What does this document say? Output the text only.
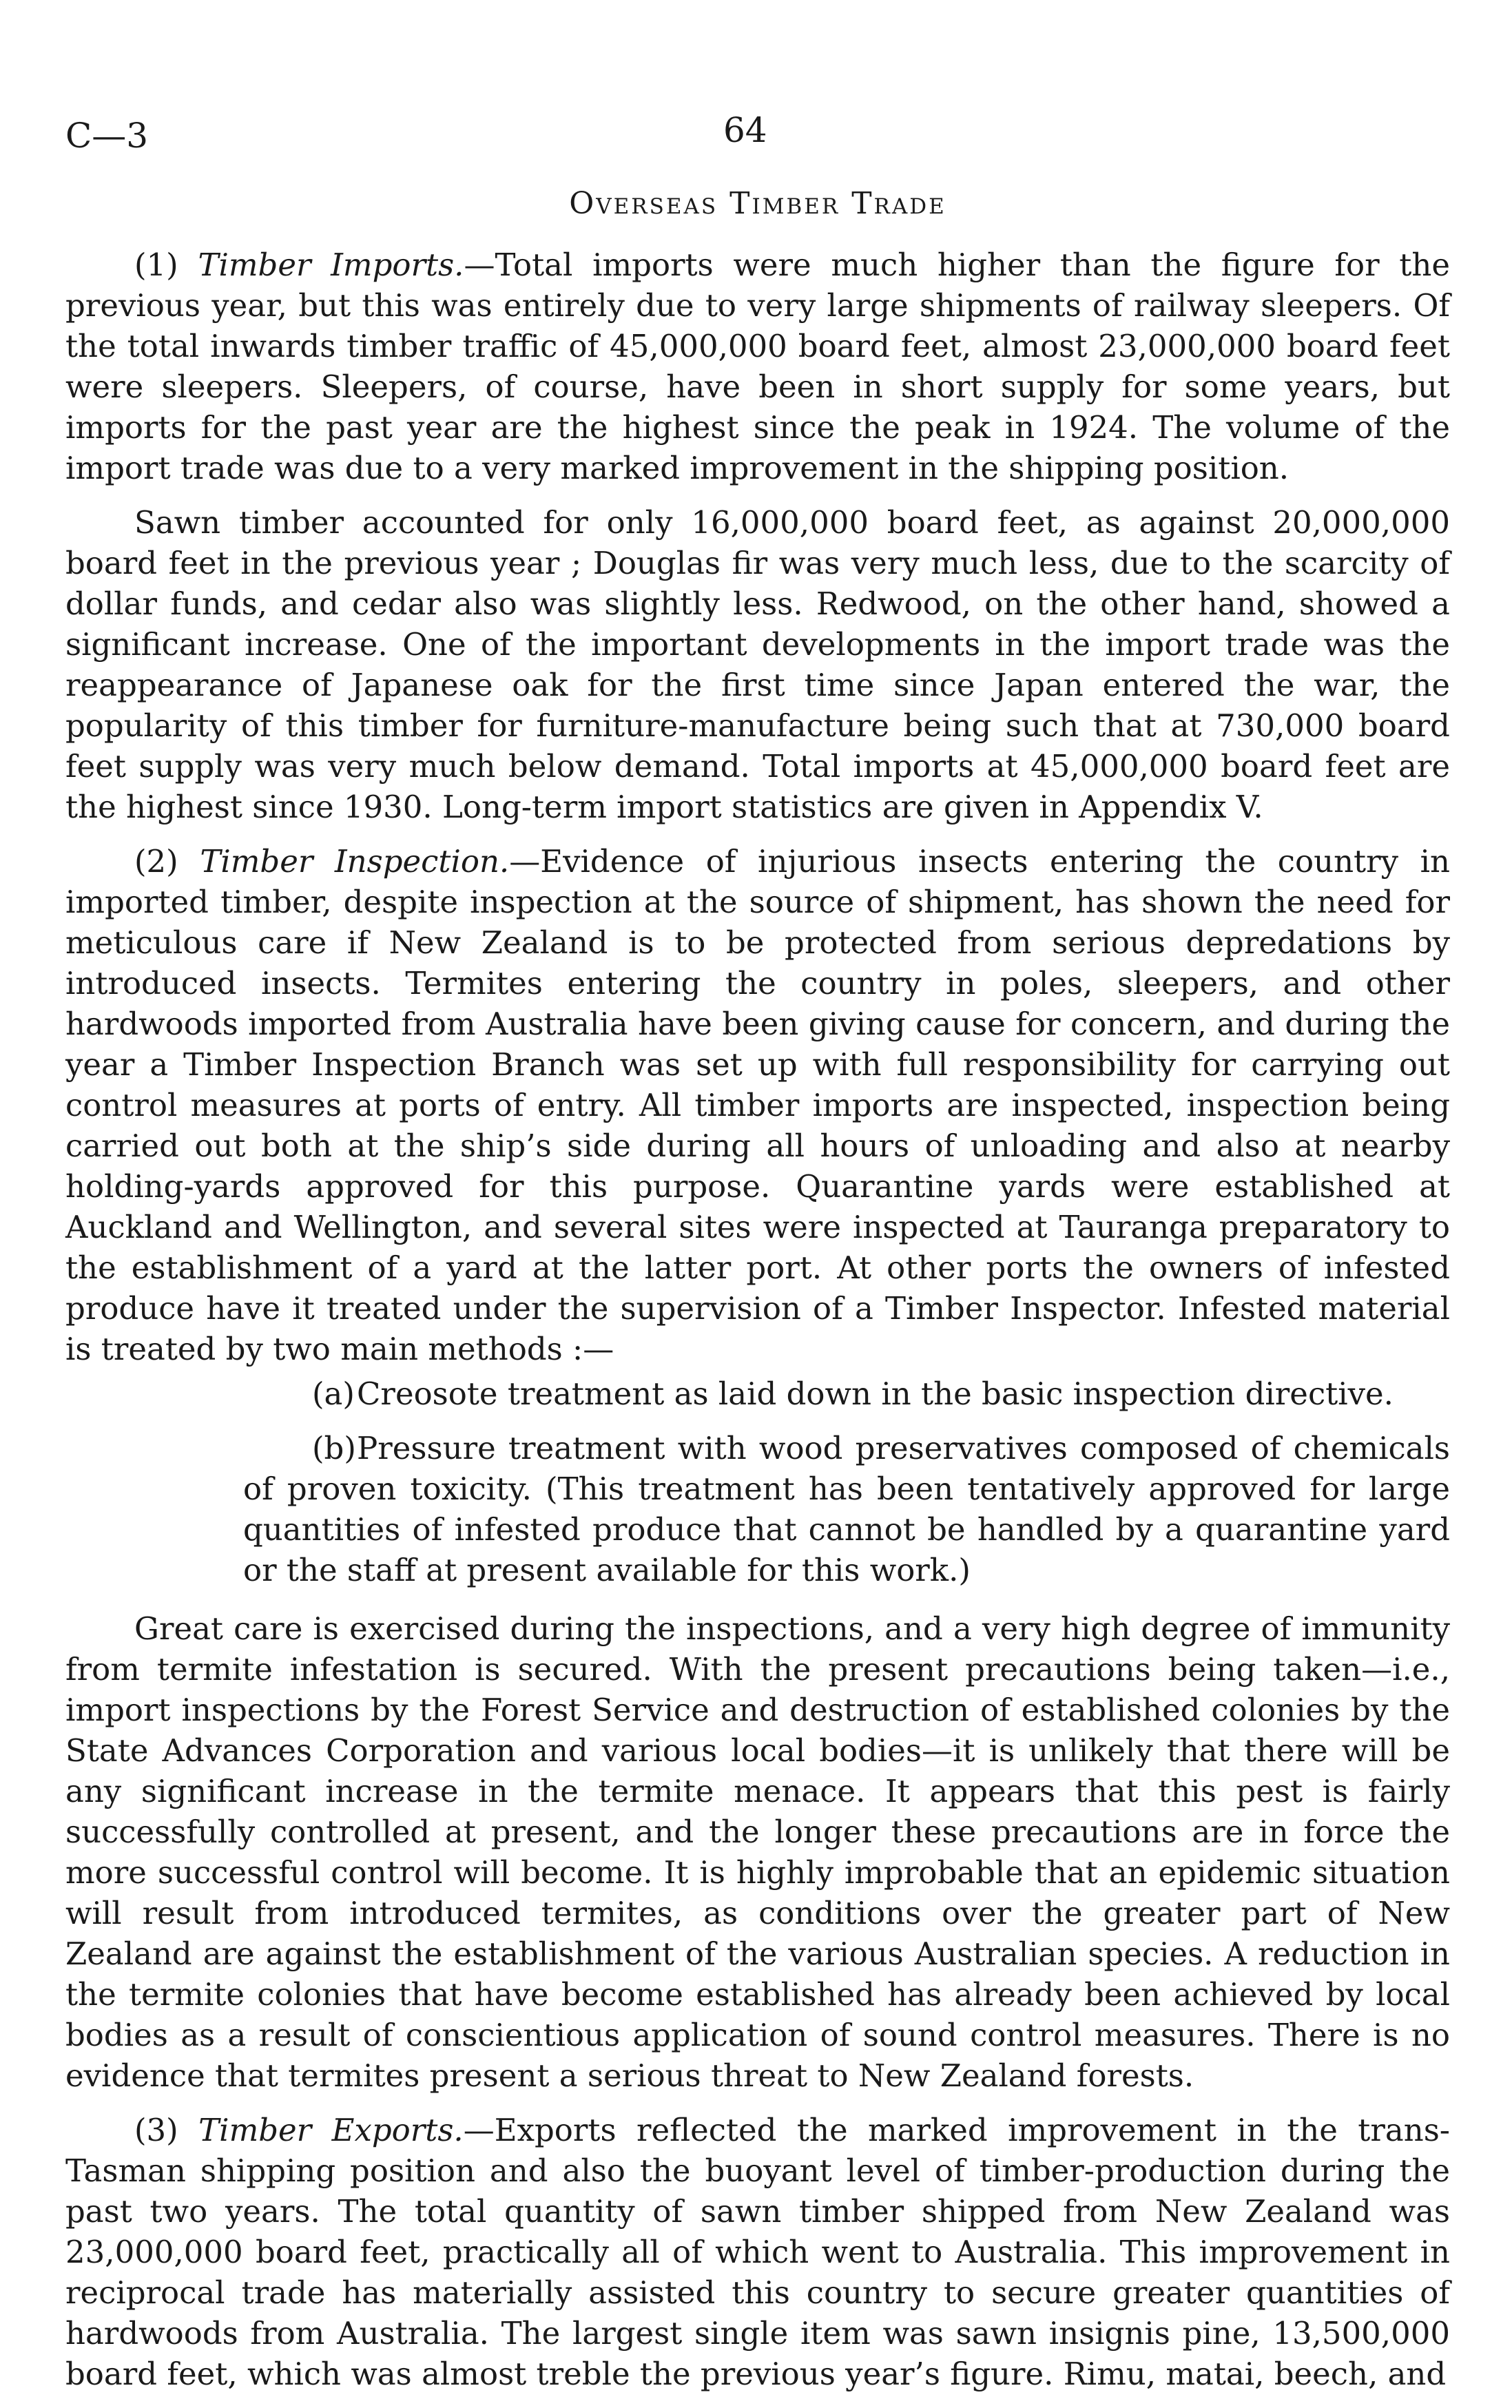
C—3	64
Overseas Timber Trade

(1) Timber Imports.—Total imports were much higher than the figure for the previous year, but this was entirely due to very large shipments of railway sleepers. Of the total inwards timber traffic of 45,000,000 board feet, almost 23,000,000 board feet were sleepers. Sleepers, of course, have been in short supply for some years, but imports for the past year are the highest since the peak in 1924. The volume of the import trade was due to a very marked improvement in the shipping position.

Sawn timber accounted for only 16,000,000 board feet, as against 20,000,000 board feet in the previous year ; Douglas fir was very much less, due to the scarcity of dollar funds, and cedar also was slightly less. Redwood, on the other hand, showed a significant increase. One of the important developments in the import trade was the reappearance of Japanese oak for the first time since Japan entered the war, the popularity of this timber for furniture-manufacture being such that at 730,000 board feet supply was very much below demand. Total imports at 45,000,000 board feet are the highest since 1930. Long-term import statistics are given in Appendix V.

(2) Timber Inspection.—Evidence of injurious insects entering the country in imported timber, despite inspection at the source of shipment, has shown the need for meticulous care if New Zealand is to be protected from serious depredations by introduced insects. Termites entering the country in poles, sleepers, and other hardwoods imported from Australia have been giving cause for concern, and during the year a Timber Inspection Branch was set up with full responsibility for carrying out control measures at ports of entry. All timber imports are inspected, inspection being carried out both at the ship’s side during all hours of unloading and also at nearby holding-yards approved for this purpose. Quarantine yards were established at Auckland and Wellington, and several sites were inspected at Tauranga preparatory to the establishment of a yard at the latter port. At other ports the owners of infested produce have it treated under the supervision of a Timber Inspector. Infested material is treated by two main methods :—

(a)Creosote treatment as laid down in the basic inspection directive.

(b)Pressure treatment with wood preservatives composed of chemicals of proven toxicity. (This treatment has been tentatively approved for large quantities of infested produce that cannot be handled by a quarantine yard or the staff at present available for this work.)

Great care is exercised during the inspections, and a very high degree of immunity from termite infestation is secured. With the present precautions being taken—i.e., import inspections by the Forest Service and destruction of established colonies by the State Advances Corporation and various local bodies—it is unlikely that there will be any significant increase in the termite menace. It appears that this pest is fairly successfully controlled at present, and the longer these precautions are in force the more successful control will become. It is highly improbable that an epidemic situation will result from introduced termites, as conditions over the greater part of New Zealand are against the establishment of the various Australian species. A reduction in the termite colonies that have become established has already been achieved by local bodies as a result of conscientious application of sound control measures. There is no evidence that termites present a serious threat to New Zealand forests.

(3) Timber Exports.—Exports reflected the marked improvement in the trans-Tasman shipping position and also the buoyant level of timber-production during the past two years. The total quantity of sawn timber shipped from New Zealand was 23,000,000 board feet, practically all of which went to Australia. This improvement in reciprocal trade has materially assisted this country to secure greater quantities of hardwoods from Australia. The largest single item was sawn insignis pine, 13,500,000 board feet, which was almost treble the previous year’s figure. Rimu, matai, beech, and
